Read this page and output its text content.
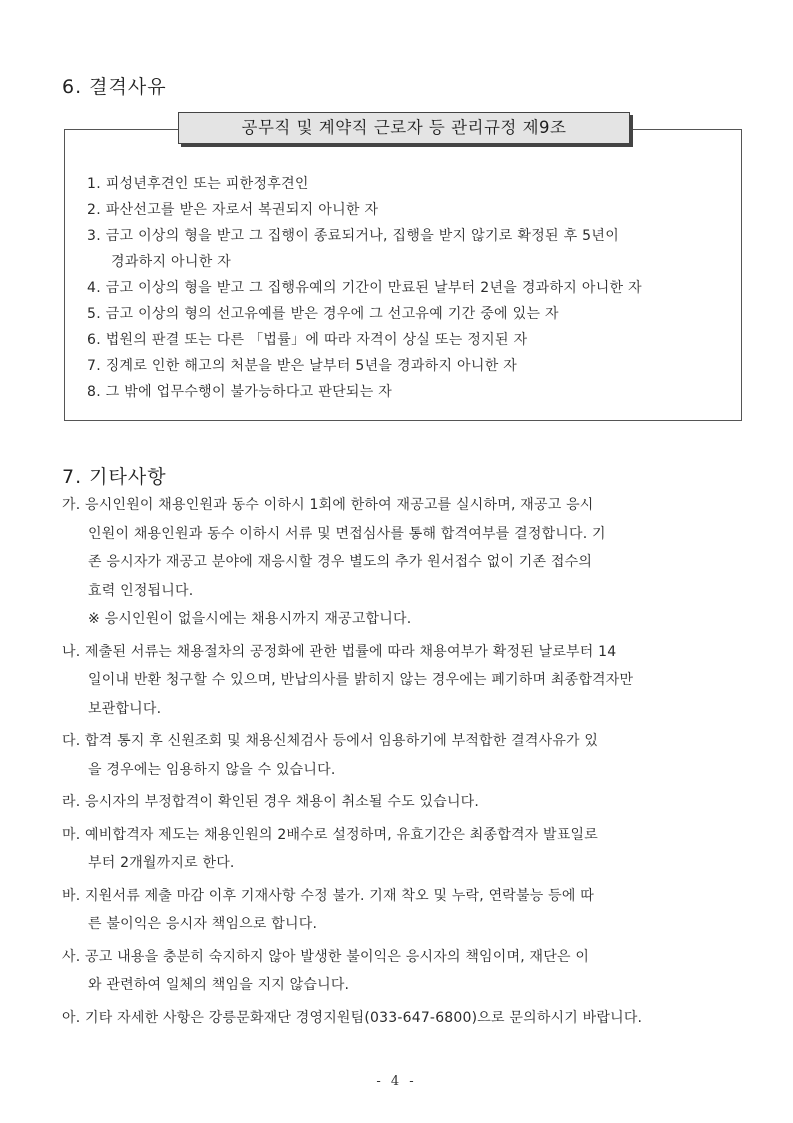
6. 결격사유
공무직 및 계약직 근로자 등 관리규정 제9조
1. 피성년후견인 또는 피한정후견인
2. 파산선고를 받은 자로서 복권되지 아니한 자
3. 금고 이상의 형을 받고 그 집행이 종료되거나, 집행을 받지 않기로 확정된 후 5년이
경과하지 아니한 자
4. 금고 이상의 형을 받고 그 집행유예의 기간이 만료된 날부터 2년을 경과하지 아니한 자
5. 금고 이상의 형의 선고유예를 받은 경우에 그 선고유예 기간 중에 있는 자
6. 법원의 판결 또는 다른 「법률」에 따라 자격이 상실 또는 정지된 자
7. 징계로 인한 해고의 처분을 받은 날부터 5년을 경과하지 아니한 자
8. 그 밖에 업무수행이 불가능하다고 판단되는 자
7. 기타사항
가. 응시인원이 채용인원과 동수 이하시 1회에 한하여 재공고를 실시하며, 재공고 응시
인원이 채용인원과 동수 이하시 서류 및 면접심사를 통해 합격여부를 결정합니다. 기
존 응시자가 재공고 분야에 재응시할 경우 별도의 추가 원서접수 없이 기존 접수의
효력 인정됩니다.
※ 응시인원이 없을시에는 채용시까지 재공고합니다.
나. 제출된 서류는 채용절차의 공정화에 관한 법률에 따라 채용여부가 확정된 날로부터 14
일이내 반환 청구할 수 있으며, 반납의사를 밝히지 않는 경우에는 폐기하며 최종합격자만
보관합니다.
다. 합격 통지 후 신원조회 및 채용신체검사 등에서 임용하기에 부적합한 결격사유가 있
을 경우에는 임용하지 않을 수 있습니다.
라. 응시자의 부정합격이 확인된 경우 채용이 취소될 수도 있습니다.
마. 예비합격자 제도는 채용인원의 2배수로 설정하며, 유효기간은 최종합격자 발표일로
부터 2개월까지로 한다.
바. 지원서류 제출 마감 이후 기재사항 수정 불가. 기재 착오 및 누락, 연락불능 등에 따
른 불이익은 응시자 책임으로 합니다.
사. 공고 내용을 충분히 숙지하지 않아 발생한 불이익은 응시자의 책임이며, 재단은 이
와 관련하여 일체의 책임을 지지 않습니다.
아. 기타 자세한 사항은 강릉문화재단 경영지원팀(033-647-6800)으로 문의하시기 바랍니다.
- 4 -
